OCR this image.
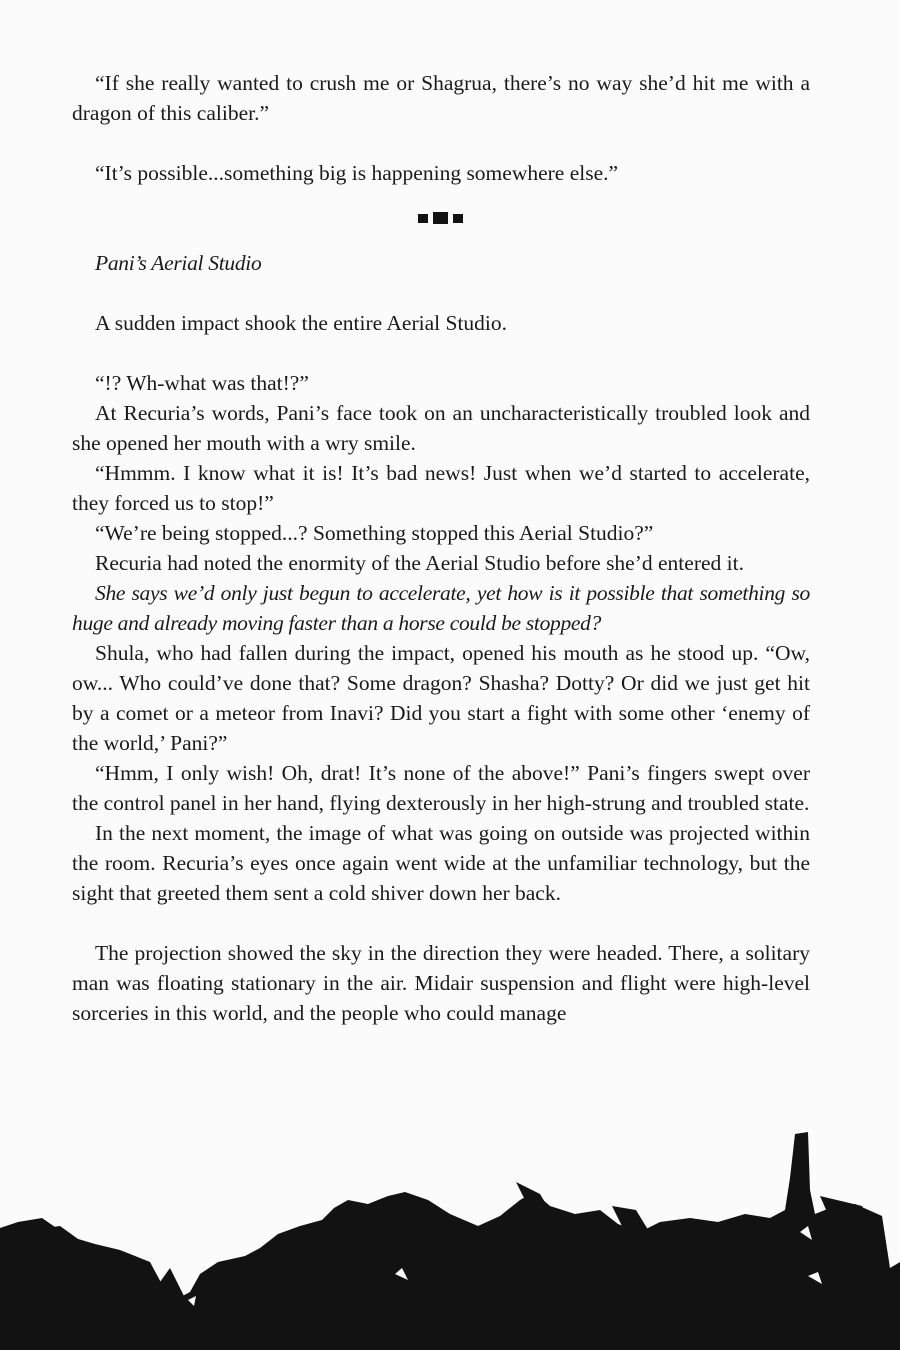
“If she really wanted to crush me or Shagrua, there’s no way she’d hit me with a dragon of this caliber.”

“It’s possible...something big is happening somewhere else.”

Pani’s Aerial Studio

A sudden impact shook the entire Aerial Studio.

“!? Wh-what was that!?”

At Recuria’s words, Pani’s face took on an uncharacteristically troubled look and she opened her mouth with a wry smile.

“Hmmm. I know what it is! It’s bad news! Just when we’d started to accelerate, they forced us to stop!”

“We’re being stopped...? Something stopped this Aerial Studio?”

Recuria had noted the enormity of the Aerial Studio before she’d entered it.

She says we’d only just begun to accelerate, yet how is it possible that something so huge and already moving faster than a horse could be stopped?

Shula, who had fallen during the impact, opened his mouth as he stood up. “Ow, ow... Who could’ve done that? Some dragon? Shasha? Dotty? Or did we just get hit by a comet or a meteor from Inavi? Did you start a fight with some other ‘enemy of the world,’ Pani?”

“Hmm, I only wish! Oh, drat! It’s none of the above!” Pani’s fingers swept over the control panel in her hand, flying dexterously in her high-strung and troubled state.

In the next moment, the image of what was going on outside was projected within the room. Recuria’s eyes once again went wide at the unfamiliar technology, but the sight that greeted them sent a cold shiver down her back.

The projection showed the sky in the direction they were headed. There, a solitary man was floating stationary in the air. Midair suspension and flight were high-level sorceries in this world, and the people who could manage
